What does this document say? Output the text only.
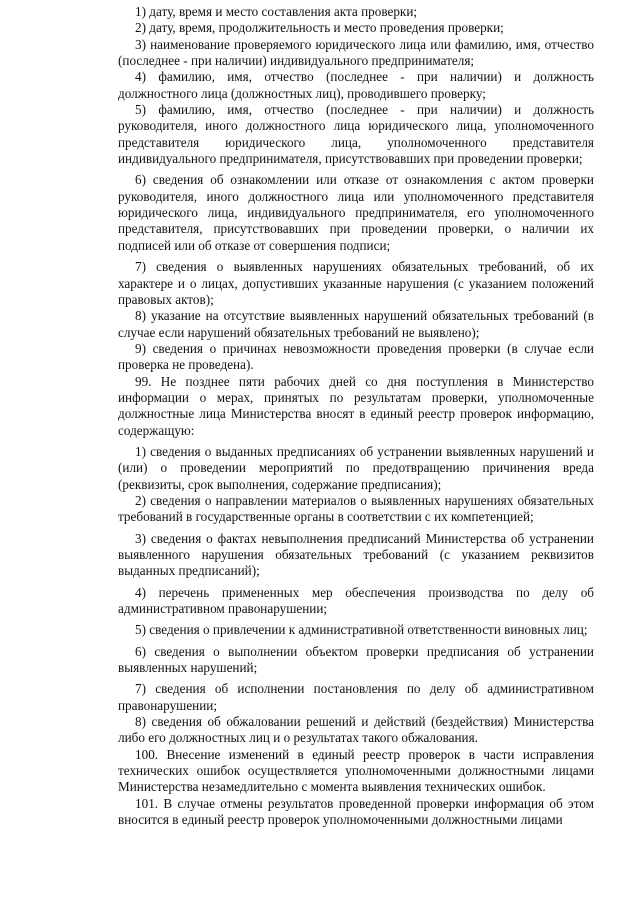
1) дату, время и место составления акта проверки;

2) дату, время, продолжительность и место проведения проверки;

3) наименование проверяемого юридического лица или фамилию, имя, отчество (последнее - при наличии) индивидуального предпринимателя;

4) фамилию, имя, отчество (последнее - при наличии) и должность должностного лица (должностных лиц), проводившего проверку;

5) фамилию, имя, отчество (последнее - при наличии) и должность руководителя, иного должностного лица юридического лица, уполномоченного представителя юридического лица, уполномоченного представителя индивидуального предпринимателя, присутствовавших при проведении проверки;

6) сведения об ознакомлении или отказе от ознакомления с актом проверки руководителя, иного должностного лица или уполномоченного представителя юридического лица, индивидуального предпринимателя, его уполномоченного представителя, присутствовавших при проведении проверки, о наличии их подписей или об отказе от совершения подписи;

7) сведения о выявленных нарушениях обязательных требований, об их характере и о лицах, допустивших указанные нарушения (с указанием положений правовых актов);

8) указание на отсутствие выявленных нарушений обязательных требований (в случае если нарушений обязательных требований не выявлено);

9) сведения о причинах невозможности проведения проверки (в случае если проверка не проведена).

99. Не позднее пяти рабочих дней со дня поступления в Министерство информации о мерах, принятых по результатам проверки, уполномоченные должностные лица Министерства вносят в единый реестр проверок информацию, содержащую:

1) сведения о выданных предписаниях об устранении выявленных нарушений и (или) о проведении мероприятий по предотвращению причинения вреда (реквизиты, срок выполнения, содержание предписания);

2) сведения о направлении материалов о выявленных нарушениях обязательных требований в государственные органы в соответствии с их компетенцией;

3) сведения о фактах невыполнения предписаний Министерства об устранении выявленного нарушения обязательных требований (с указанием реквизитов выданных предписаний);

4) перечень примененных мер обеспечения производства по делу об административном правонарушении;

5) сведения о привлечении к административной ответственности виновных лиц;

6) сведения о выполнении объектом проверки предписания об устранении выявленных нарушений;

7) сведения об исполнении постановления по делу об административном правонарушении;

8) сведения об обжаловании решений и действий (бездействия) Министерства либо его должностных лиц и о результатах такого обжалования.

100. Внесение изменений в единый реестр проверок в части исправления технических ошибок осуществляется уполномоченными должностными лицами Министерства незамедлительно с момента выявления технических ошибок.

101. В случае отмены результатов проведенной проверки информация об этом вносится в единый реестр проверок уполномоченными должностными лицами
